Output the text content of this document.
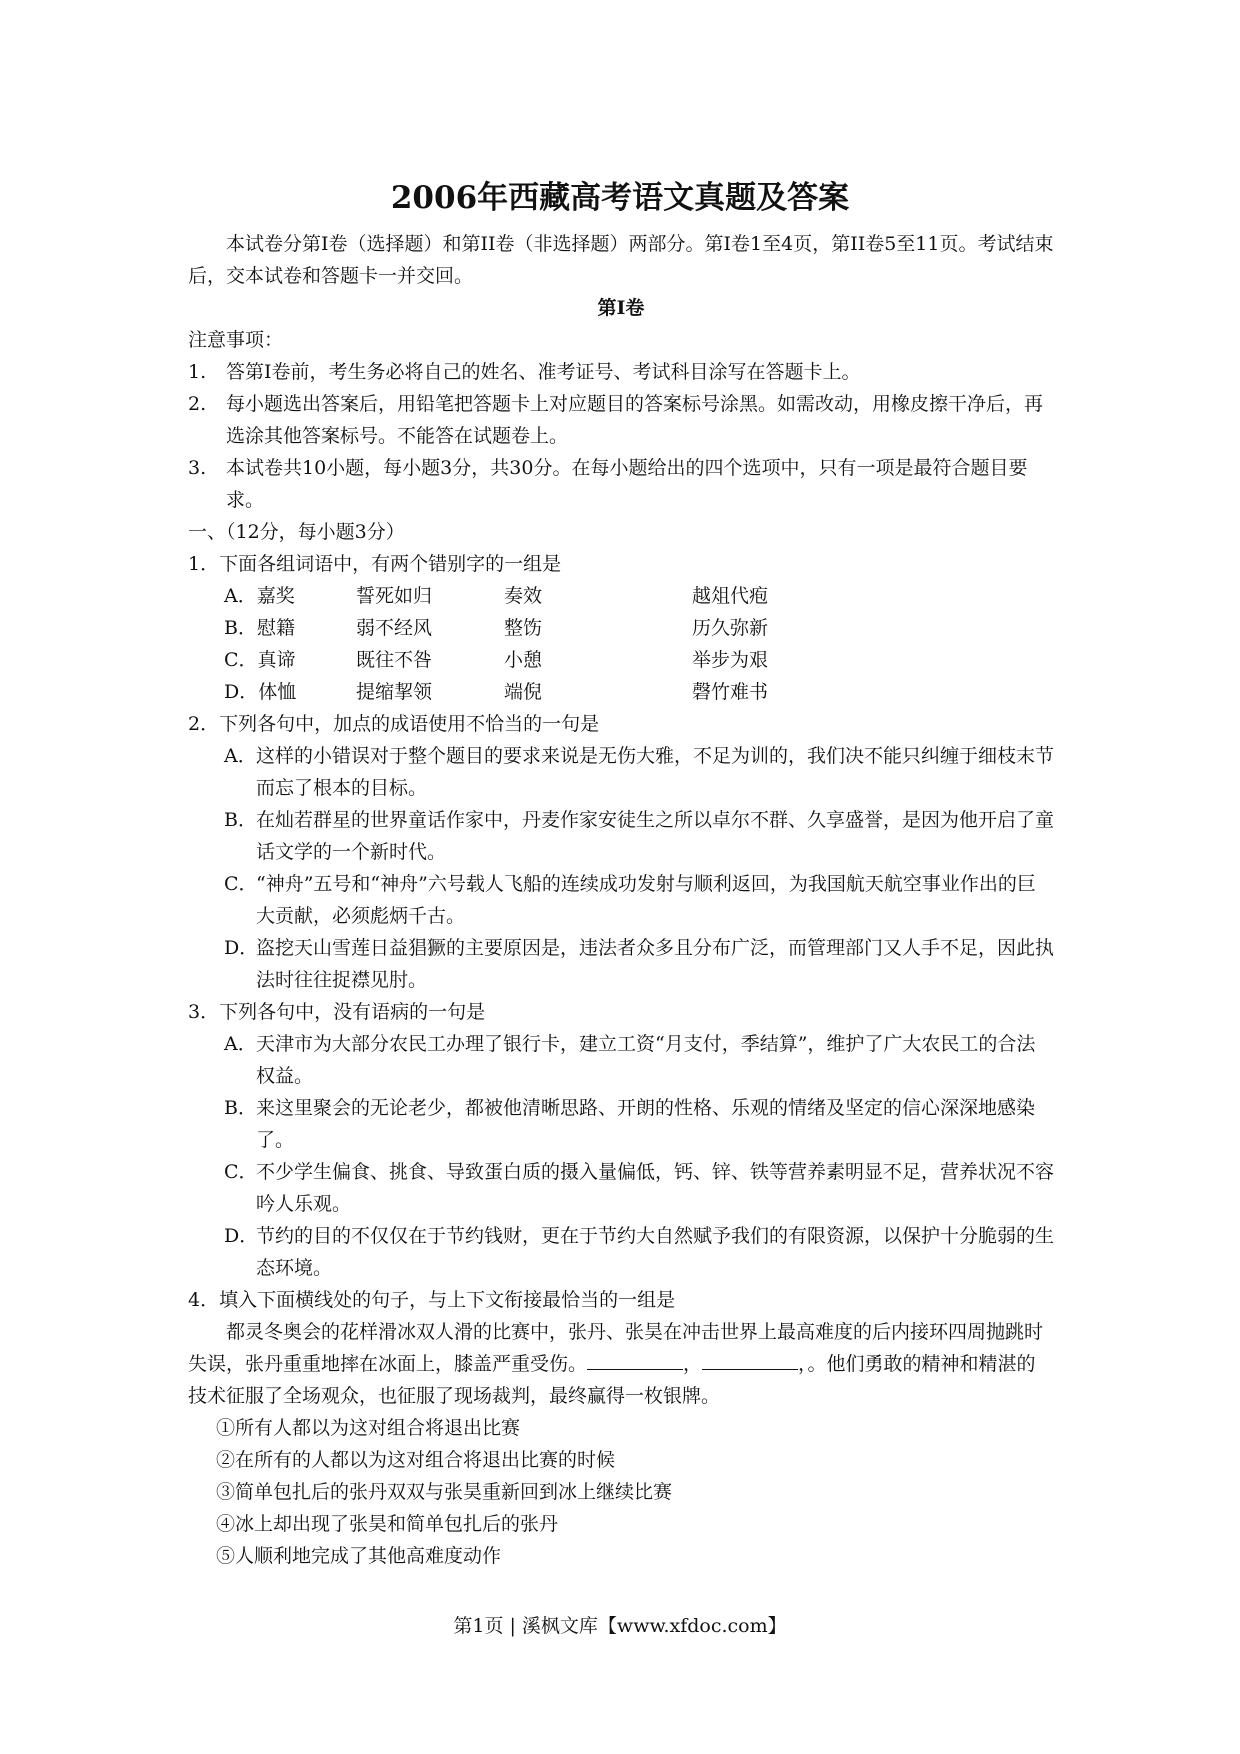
2006年西藏高考语文真题及答案
本试卷分第I卷（选择题）和第II卷（非选择题）两部分。第I卷1至4页，第II卷5至11页。考试结束后，交本试卷和答题卡一并交回。
第I卷
注意事项：
1.	答第I卷前，考生务必将自己的姓名、准考证号、考试科目涂写在答题卡上。
2.	每小题选出答案后，用铅笔把答题卡上对应题目的答案标号涂黑。如需改动，用橡皮擦干净后，再选涂其他答案标号。不能答在试题卷上。
3.	本试卷共10小题，每小题3分，共30分。在每小题给出的四个选项中，只有一项是最符合题目要求。
一、（12分，每小题3分）
1．下面各组词语中，有两个错别字的一组是
A．嘉奖	誓死如归	奏效	越俎代疱
B．慰籍	弱不经风	整饬	历久弥新
C．真谛	既往不咎	小憩	举步为艰
D．体恤	提缩挈领	端倪	磬竹难书
2．下列各句中，加点的成语使用不恰当的一句是
A． 这样的小错误对于整个题目的要求来说是无伤大雅，不足为训的，我们决不能只纠缠于细枝末节而忘了根本的目标。
B． 在灿若群星的世界童话作家中，丹麦作家安徒生之所以卓尔不群、久享盛誉，是因为他开启了童话文学的一个新时代。
C．
“神舟”五号和“神舟”六号载人飞船的连续成功发射与顺利返回，为我国航天航空事业作出的巨大贡献，必须彪炳千古。
D．
盗挖天山雪莲日益猖獗的主要原因是，违法者众多且分布广泛，而管理部门又人手不足，因此执法时往往捉襟见肘。
3．下列各句中，没有语病的一句是
A． 天津市为大部分农民工办理了银行卡，建立工资“月支付，季结算”，维护了广大农民工的合法权益。
B． 来这里聚会的无论老少，都被他清晰思路、开朗的性格、乐观的情绪及坚定的信心深深地感染了。
C．
不少学生偏食、挑食、导致蛋白质的摄入量偏低，钙、锌、铁等营养素明显不足，营养状况不容吟人乐观。
D．
节约的目的不仅仅在于节约钱财，更在于节约大自然赋予我们的有限资源，以保护十分脆弱的生态环境。
4．填入下面横线处的句子，与上下文衔接最恰当的一组是
都灵冬奥会的花样滑冰双人滑的比赛中，张丹、张昊在冲击世界上最高难度的后内接环四周抛跳时失误，张丹重重地摔在冰面上，膝盖严重受伤。	，	，。他们勇敢的精神和精湛的技术征服了全场观众，也征服了现场裁判，最终赢得一枚银牌。
①所有人都以为这对组合将退出比赛
②在所有的人都以为这对组合将退出比赛的时候
③简单包扎后的张丹双双与张昊重新回到冰上继续比赛
④冰上却出现了张昊和简单包扎后的张丹
⑤人顺利地完成了其他高难度动作
第1页 | 溪枫文库【www.xfdoc.com】
